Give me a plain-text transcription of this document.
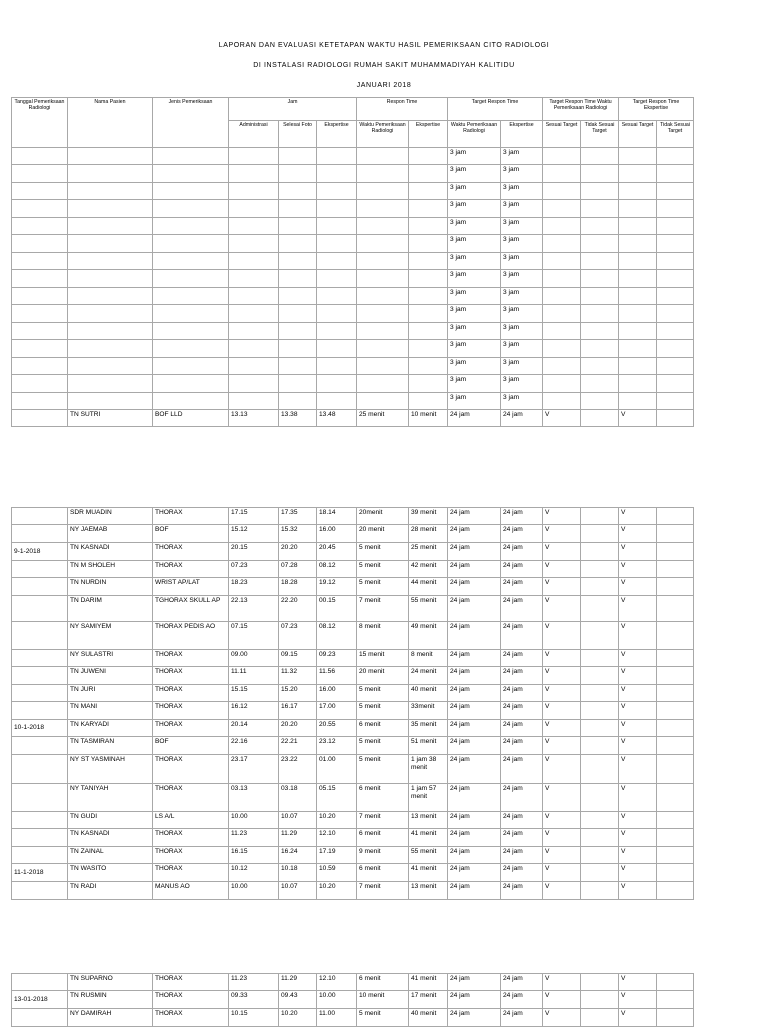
LAPORAN DAN EVALUASI KETETAPAN WAKTU HASIL PEMERIKSAAN CITO RADIOLOGI
DI INSTALASI RADIOLOGI RUMAH SAKIT MUHAMMADIYAH KALITIDU
JANUARI 2018
Tanggal Pemeriksaan Radiologi	Nama Pasien	Jenis Pemeriksaan	Jam			Respon Time		Target Respon Time		Target Respon Time Waktu Pemeriksaan Radiologi		Target Respon Time Ekspertise	
			Administrasi	Selesai Foto	Ekspertise	Waktu Pemeriksaan Radiologi	Ekspertise	Waktu Pemeriksaan Radiologi	Ekspertise	Sesuai Target	Tidak Sesuai Target	Sesuai Target	Tidak Sesuai Target
								3 jam	3 jam				
								3 jam	3 jam				
								3 jam	3 jam				
								3 jam	3 jam				
								3 jam	3 jam				
								3 jam	3 jam				
								3 jam	3 jam				
								3 jam	3 jam				
								3 jam	3 jam				
								3 jam	3 jam				
								3 jam	3 jam				
								3 jam	3 jam				
								3 jam	3 jam				
								3 jam	3 jam				
								3 jam	3 jam				
	TN SUTRI	BOF LLD	13.13	13.38	13.48	25 menit	10 menit	24 jam	24 jam	V		V	
	SDR MUADIN	THORAX	17.15	17.35	18.14	20menit	39 menit	24 jam	24 jam	V		V	
	NY JAEMAB	BOF	15.12	15.32	16.00	20 menit	28 menit	24 jam	24 jam	V		V	
9-1-2018	TN KASNADI	THORAX	20.15	20.20	20.45	5 menit	25 menit	24 jam	24 jam	V		V	
	TN M SHOLEH	THORAX	07.23	07.28	08.12	5 menit	42 menit	24 jam	24 jam	V		V	
	TN NURDIN	WRIST AP/LAT	18.23	18.28	19.12	5 menit	44 menit	24 jam	24 jam	V		V	
	TN DARIM	TGHORAX SKULL AP	22.13	22.20	00.15	7 menit	55 menit	24 jam	24 jam	V		V	
	NY SAMIYEM	THORAX PEDIS AO	07.15	07.23	08.12	8 menit	49 menit	24 jam	24 jam	V		V	
	NY SULASTRI	THORAX	09.00	09.15	09.23	15 menit	8 menit	24 jam	24 jam	V		V	
	TN JUWENI	THORAX	11.11	11.32	11.56	20 menit	24 menit	24 jam	24 jam	V		V	
	TN JURI	THORAX	15.15	15.20	16.00	5 menit	40 menit	24 jam	24 jam	V		V	
	TN MANI	THORAX	16.12	16.17	17.00	5 menit	33menit	24 jam	24 jam	V		V	
10-1-2018	TN KARYADI	THORAX	20.14	20.20	20.55	6 menit	35 menit	24 jam	24 jam	V		V	
	TN TASMIRAN	BOF	22.16	22.21	23.12	5 menit	51 menit	24 jam	24 jam	V		V	
	NY ST YASMINAH	THORAX	23.17	23.22	01.00	5 menit	1 jam 38 menit	24 jam	24 jam	V		V	
	NY TANIYAH	THORAX	03.13	03.18	05.15	6 menit	1 jam 57 menit	24 jam	24 jam	V		V	
	TN GUDI	LS A/L	10.00	10.07	10.20	7 menit	13 menit	24 jam	24 jam	V		V	
	TN KASNADI	THORAX	11.23	11.29	12.10	6 menit	41 menit	24 jam	24 jam	V		V	
	TN ZAINAL	THORAX	16.15	16.24	17.19	9 menit	55 menit	24 jam	24 jam	V		V	
11-1-2018	TN WASITO	THORAX	10.12	10.18	10.59	6 menit	41 menit	24 jam	24 jam	V		V	
	TN RADI	MANUS AO	10.00	10.07	10.20	7 menit	13 menit	24 jam	24 jam	V		V	
	TN SUPARNO	THORAX	11.23	11.29	12.10	6 menit	41 menit	24 jam	24 jam	V		V	
13-01-2018	TN RUSMIN	THORAX	09.33	09.43	10.00	10 menit	17 menit	24 jam	24 jam	V		V	
	NY DAMIRAH	THORAX	10.15	10.20	11.00	5 menit	40 menit	24 jam	24 jam	V		V	
